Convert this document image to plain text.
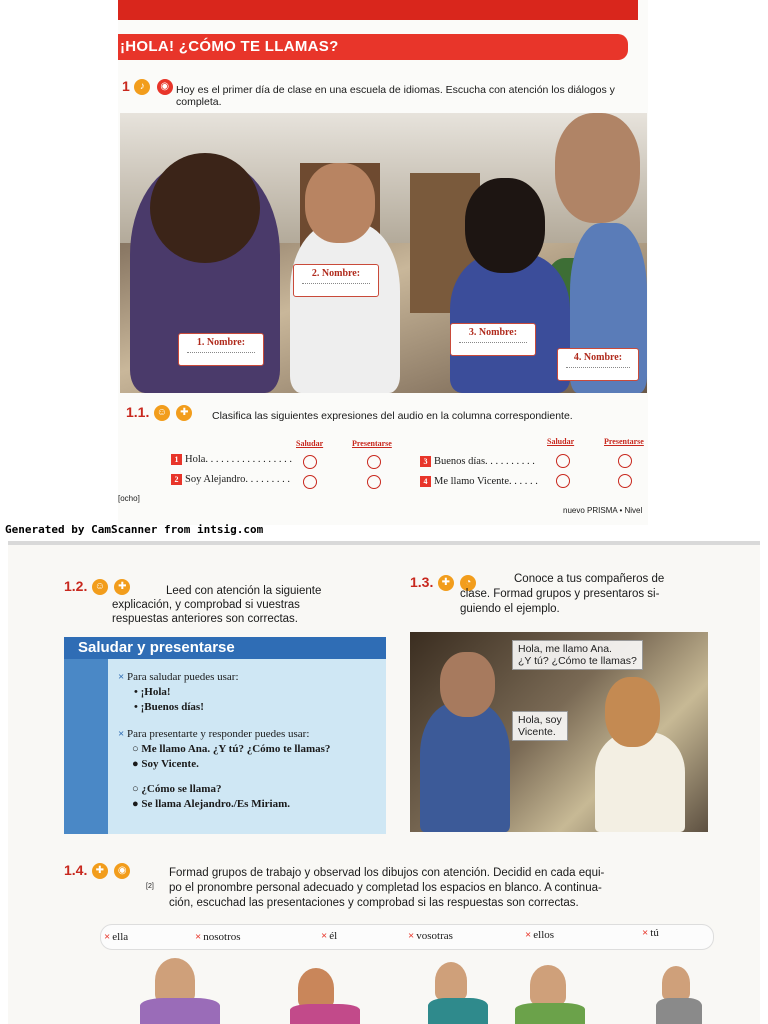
¡HOLA! ¿CÓMO TE LLAMAS?
1 ♪ ◉ Hoy es el primer día de clase en una escuela de idiomas. Escucha con atención los diálogos y
completa.
1. Nombre:
2. Nombre:
3. Nombre:
4. Nombre:
1.1. ☺ ✚	Clasifica las siguientes expresiones del audio en la columna correspondiente.
Saludar	Presentarse	Saludar	Presentarse
1 Hola. . . . . . . . . . . . . . . . .
2 Soy Alejandro. . . . . . . . .
3 Buenos días. . . . . . . . . .
4 Me llamo Vicente. . . . . .
[ocho]
nuevo PRISMA • Nivel
Generated by CamScanner from intsig.com
1.2. ☺ ✚	Leed con atención la siguiente
explicación, y comprobad si vuestras
respuestas anteriores son correctas.
Saludar y presentarse
× Para saludar puedes usar:
• ¡Hola!
• ¡Buenos días!
× Para presentarte y responder puedes usar:
○ Me llamo Ana. ¿Y tú? ¿Cómo te llamas?
● Soy Vicente.
○ ¿Cómo se llama?
● Se llama Alejandro./Es Miriam.
1.3. ✚ ◔	Conoce a tus compañeros de
clase. Formad grupos y presentaros si-
guiendo el ejemplo.
Hola, me llamo Ana.
¿Y tú? ¿Cómo te llamas?
Hola, soy
Vicente.
1.4. ✚ ◉
[2]
Formad grupos de trabajo y observad los dibujos con atención. Decidid en cada equi-
po el pronombre personal adecuado y completad los espacios en blanco. A continua-
ción, escuchad las presentaciones y comprobad si las respuestas son correctas.
× ella	× nosotros	× él	× vosotras	× ellos	× tú
